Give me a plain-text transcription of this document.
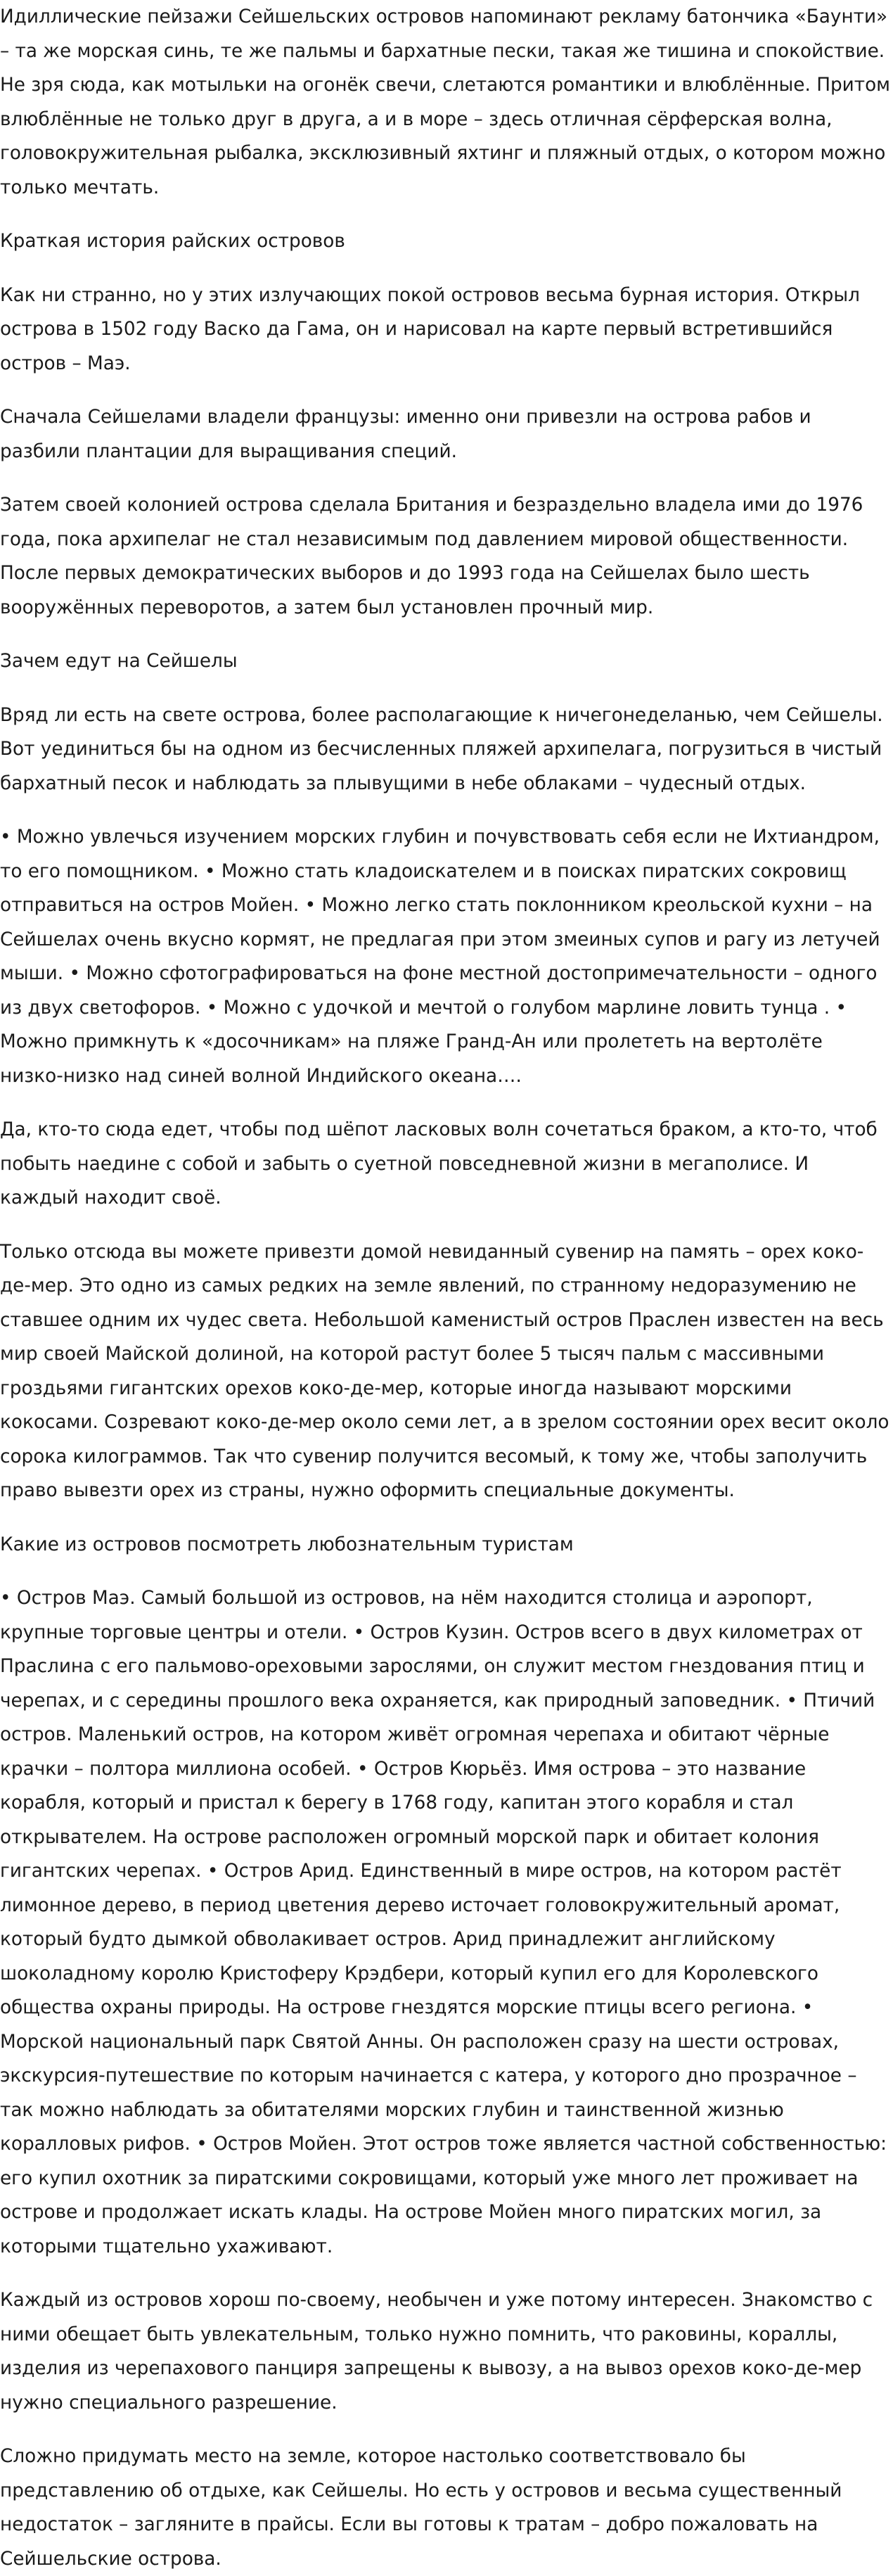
Идиллические пейзажи Сейшельских островов напоминают рекламу батончика «Баунти» – та же морская синь, те же пальмы и бархатные пески, такая же тишина и спокойствие. Не зря сюда, как мотыльки на огонёк свечи, слетаются романтики и влюблённые. Притом влюблённые не только друг в друга, а и в море – здесь отличная сёрферская волна, головокружительная рыбалка, эксклюзивный яхтинг и пляжный отдых, о котором можно только мечтать.

Краткая история райских островов

Как ни странно, но у этих излучающих покой островов весьма бурная история. Открыл острова в 1502 году Васко да Гама, он и нарисовал на карте первый встретившийся остров – Маэ.

Сначала Сейшелами владели французы: именно они привезли на острова рабов и разбили плантации для выращивания специй.

Затем своей колонией острова сделала Британия и безраздельно владела ими до 1976 года, пока архипелаг не стал независимым под давлением мировой общественности. После первых демократических выборов и до 1993 года на Сейшелах было шесть вооружённых переворотов, а затем был установлен прочный мир.

Зачем едут на Сейшелы

Вряд ли есть на свете острова, более располагающие к ничегонеделанью, чем Сейшелы. Вот уединиться бы на одном из бесчисленных пляжей архипелага, погрузиться в чистый бархатный песок и наблюдать за плывущими в небе облаками – чудесный отдых.

• Можно увлечься изучением морских глубин и почувствовать себя если не Ихтиандром, то его помощником. • Можно стать кладоискателем и в поисках пиратских сокровищ отправиться на остров Мойен. • Можно легко стать поклонником креольской кухни – на Сейшелах очень вкусно кормят, не предлагая при этом змеиных супов и рагу из летучей мыши. • Можно сфотографироваться на фоне местной достопримечательности – одного из двух светофоров. • Можно с удочкой и мечтой о голубом марлине ловить тунца . • Можно примкнуть к «досочникам» на пляже Гранд-Ан или пролететь на вертолёте низко-низко над синей волной Индийского океана….

Да, кто-то сюда едет, чтобы под шёпот ласковых волн сочетаться браком, а кто-то, чтоб побыть наедине с собой и забыть о суетной повседневной жизни в мегаполисе. И каждый находит своё.

Только отсюда вы можете привезти домой невиданный сувенир на память – орех коко-де-мер. Это одно из самых редких на земле явлений, по странному недоразумению не ставшее одним их чудес света. Небольшой каменистый остров Праслен известен на весь мир своей Майской долиной, на которой растут более 5 тысяч пальм с массивными гроздьями гигантских орехов коко-де-мер, которые иногда называют морскими кокосами. Созревают коко-де-мер около семи лет, а в зрелом состоянии орех весит около сорока килограммов. Так что сувенир получится весомый, к тому же, чтобы заполучить право вывезти орех из страны, нужно оформить специальные документы.

Какие из островов посмотреть любознательным туристам

• Остров Маэ. Самый большой из островов, на нём находится столица и аэропорт, крупные торговые центры и отели. • Остров Кузин. Остров всего в двух километрах от Праслина с его пальмово-ореховыми зарослями, он служит местом гнездования птиц и черепах, и с середины прошлого века охраняется, как природный заповедник. • Птичий остров. Маленький остров, на котором живёт огромная черепаха и обитают чёрные крачки – полтора миллиона особей. • Остров Кюрьёз. Имя острова – это название корабля, который и пристал к берегу в 1768 году, капитан этого корабля и стал открывателем. На острове расположен огромный морской парк и обитает колония гигантских черепах. • Остров Арид. Единственный в мире остров, на котором растёт лимонное дерево, в период цветения дерево источает головокружительный аромат, который будто дымкой обволакивает остров. Арид принадлежит английскому шоколадному королю Кристоферу Крэдбери, который купил его для Королевского общества охраны природы. На острове гнездятся морские птицы всего региона. • Морской национальный парк Святой Анны. Он расположен сразу на шести островах, экскурсия-путешествие по которым начинается с катера, у которого дно прозрачное – так можно наблюдать за обитателями морских глубин и таинственной жизнью коралловых рифов. • Остров Мойен. Этот остров тоже является частной собственностью: его купил охотник за пиратскими сокровищами, который уже много лет проживает на острове и продолжает искать клады. На острове Мойен много пиратских могил, за которыми тщательно ухаживают.

Каждый из островов хорош по-своему, необычен и уже потому интересен. Знакомство с ними обещает быть увлекательным, только нужно помнить, что раковины, кораллы, изделия из черепахового панциря запрещены к вывозу, а на вывоз орехов коко-де-мер нужно специального разрешение.

Сложно придумать место на земле, которое настолько соответствовало бы представлению об отдыхе, как Сейшелы. Но есть у островов и весьма существенный недостаток – загляните в прайсы. Если вы готовы к тратам – добро пожаловать на Сейшельские острова.
